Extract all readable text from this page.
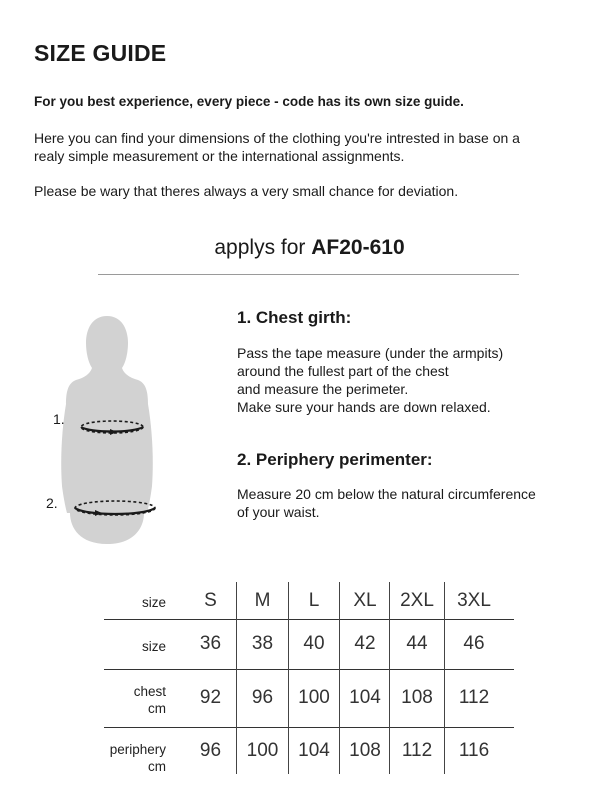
SIZE GUIDE

For you best experience, every piece - code has its own size guide.

Here you can find your dimensions of the clothing you're intrested in base on a
realy simple measurement or the international assignments.

Please be wary that theres always a very small chance for deviation.

applys for AF20-610

1.
2.
1. Chest girth:

Pass the tape measure (under the armpits)
around the fullest part of the chest
and measure the perimeter.
Make sure your hands are down relaxed.

2. Periphery perimenter:

Measure 20 cm below the natural circumference
of your waist.

size	S	M	L	XL	2XL	3XL
size	36	38	40	42	44	46
chest
cm
92	96	100	104	108	112
periphery
cm
96	100	104	108	112	116
